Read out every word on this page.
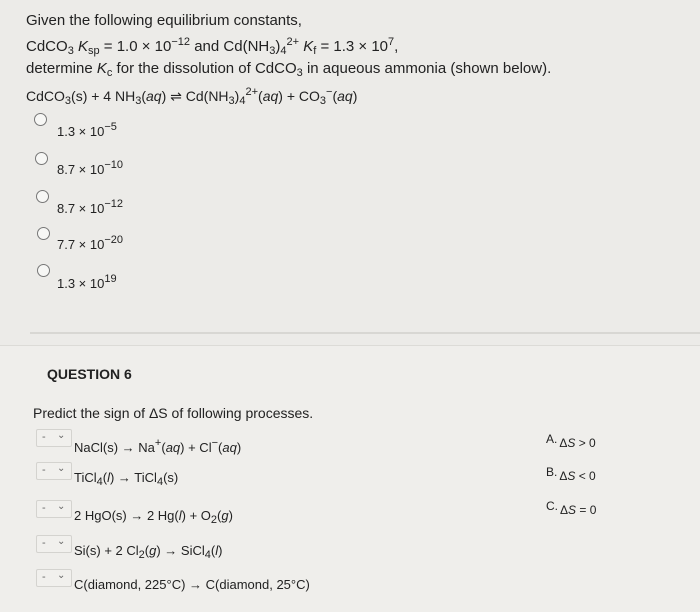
Given the following equilibrium constants,
CdCO$_3$ $K_{sp} = 1.0 \times 10^{-12}$ and $Cd(NH_3)_4^{2+}$ $K_f = 1.3 \times 10^7$,
determine $K_c$ for the dissolution of CdCO$_3$ in aqueous ammonia (shown below).
CdCO$_3$(s) + 4 $NH_3(aq)$ ⇌ $Cd(NH_3)_4^{2+}(aq) + CO_3^-(aq)$
$1.3 \times 10^{-5}$
$8.7 \times 10^{-10}$
$8.7 \times 10^{-12}$
$7.7 \times 10^{-20}$
$1.3 \times 10^{19}$
QUESTION 6
Predict the sign of ΔS of following processes.
- ⌄
NaCl(s) → Na+(aq) + Cl−(aq)
- ⌄
TiCl$_4$(l) → TiCl$_4$(s)
- ⌄
2 HgO(s) → 2 $Hg(l) + O_2(g)$
- ⌄
Si(s) + 2 $Cl_2(g)$ → SiCl$_4$(l)
- ⌄
C(diamond, 225°C) → C(diamond, 25°C)
A. ΔS > 0
B. ΔS < 0
C. ΔS = 0
